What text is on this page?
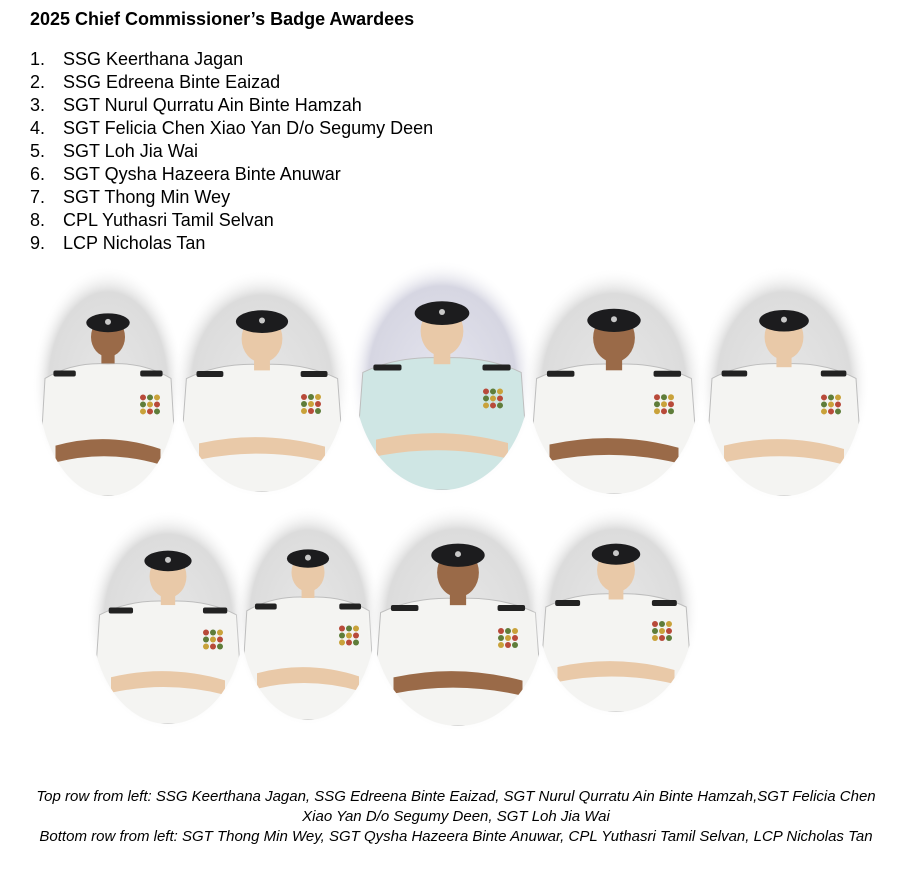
2025 Chief Commissioner’s Badge Awardees
1. SSG Keerthana Jagan
2. SSG Edreena Binte Eaizad
3. SGT Nurul Qurratu Ain Binte Hamzah
4. SGT Felicia Chen Xiao Yan D/o Segumy Deen
5. SGT Loh Jia Wai
6. SGT Qysha Hazeera Binte Anuwar
7. SGT Thong Min Wey
8. CPL Yuthasri Tamil Selvan
9. LCP Nicholas Tan

Top row from left: SSG Keerthana Jagan, SSG Edreena Binte Eaizad, SGT Nurul Qurratu Ain Binte Hamzah,SGT Felicia Chen Xiao Yan D/o Segumy Deen, SGT Loh Jia Wai

Bottom row from left: SGT Thong Min Wey, SGT Qysha Hazeera Binte Anuwar, CPL Yuthasri Tamil Selvan, LCP Nicholas Tan
